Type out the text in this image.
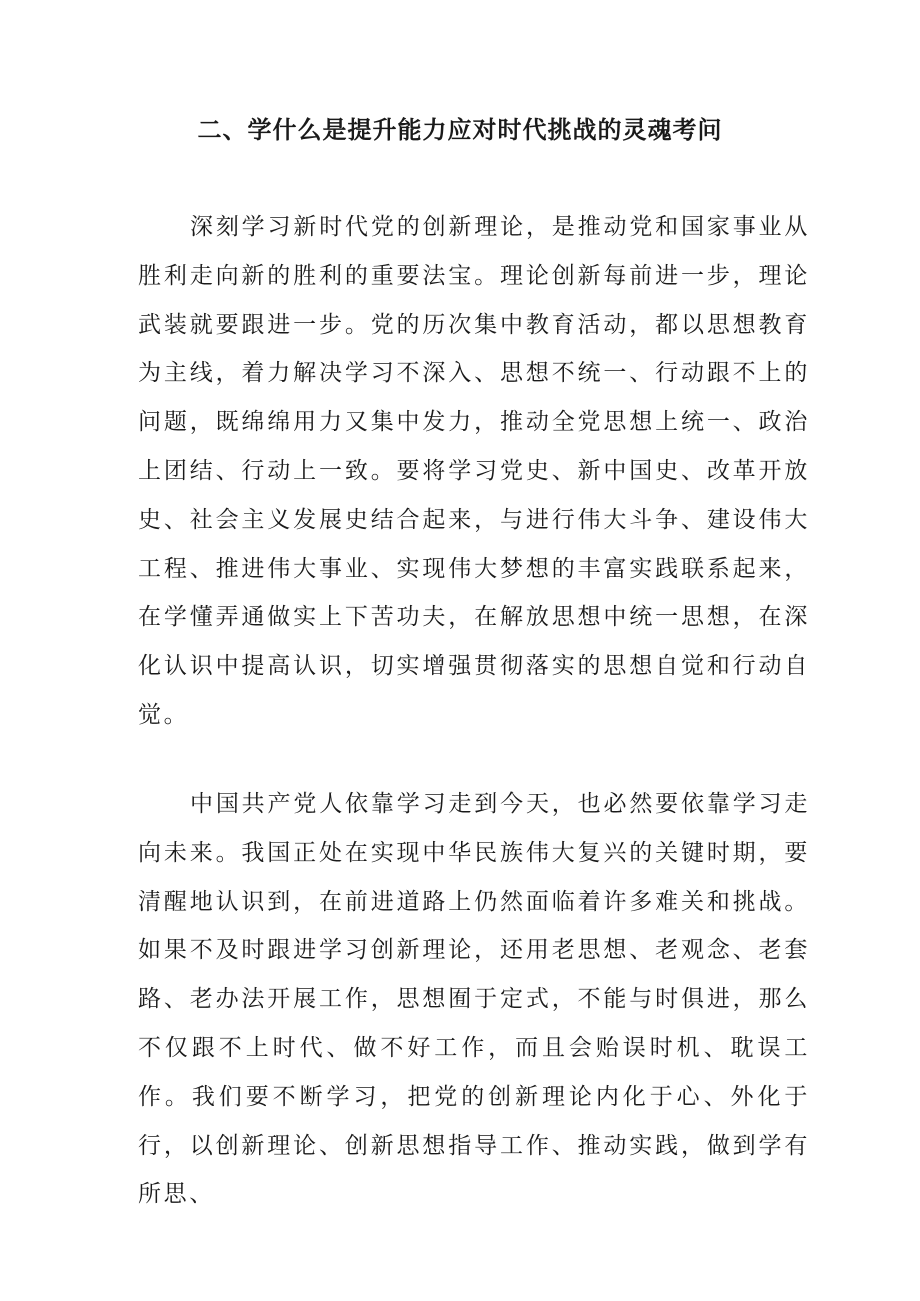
二、学什么是提升能力应对时代挑战的灵魂考问

深刻学习新时代党的创新理论，是推动党和国家事业从胜利走向新的胜利的重要法宝。理论创新每前进一步，理论武装就要跟进一步。党的历次集中教育活动，都以思想教育为主线，着力解决学习不深入、思想不统一、行动跟不上的问题，既绵绵用力又集中发力，推动全党思想上统一、政治上团结、行动上一致。要将学习党史、新中国史、改革开放史、社会主义发展史结合起来，与进行伟大斗争、建设伟大工程、推进伟大事业、实现伟大梦想的丰富实践联系起来，在学懂弄通做实上下苦功夫，在解放思想中统一思想，在深化认识中提高认识，切实增强贯彻落实的思想自觉和行动自觉。

中国共产党人依靠学习走到今天，也必然要依靠学习走向未来。我国正处在实现中华民族伟大复兴的关键时期，要清醒地认识到，在前进道路上仍然面临着许多难关和挑战。如果不及时跟进学习创新理论，还用老思想、老观念、老套路、老办法开展工作，思想囿于定式，不能与时俱进，那么不仅跟不上时代、做不好工作，而且会贻误时机、耽误工作。我们要不断学习，把党的创新理论内化于心、外化于行，以创新理论、创新思想指导工作、推动实践，做到学有所思、
